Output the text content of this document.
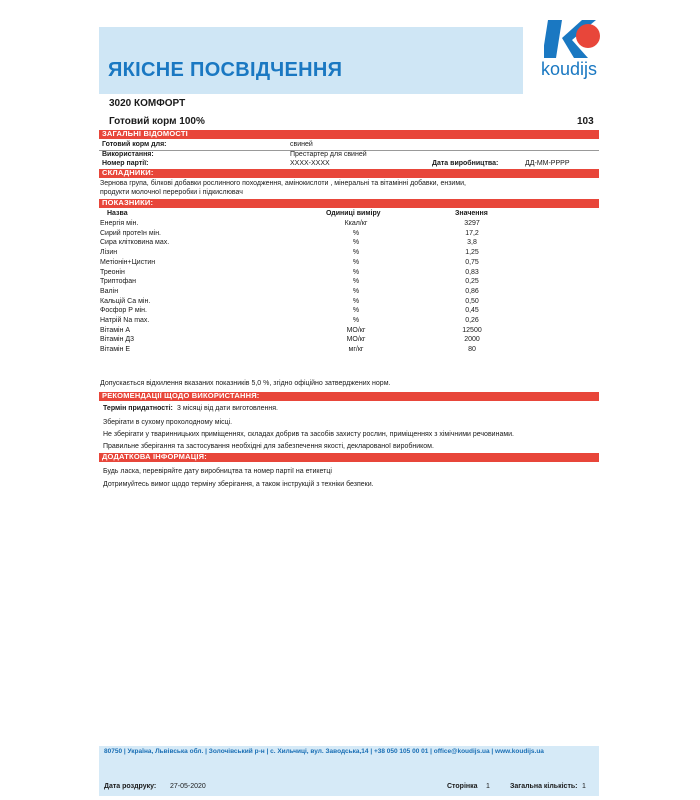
ЯКІСНЕ ПОСВІДЧЕННЯ	koudijs
3020 КОМФОРТ
Готовий корм 100%	103
ЗАГАЛЬНІ ВІДОМОСТІ
Готовий корм для:	свиней
Використання:	Престартер для свиней
Номер партії:	XXXX-XXXX	Дата виробництва:	ДД-ММ-РРРР
СКЛАДНИКИ:
Зернова група, білкові добавки рослинного походження, амінокислоти , мінеральні та вітамінні добавки, ензими,
продукти молочної переробки і підкислювач
ПОКАЗНИКИ:
Назва	Одиниці виміру	Значення
Енергія мін.	Ккал/кг	3297
Сирий протеїн мін.	%	17,2
Сира клітковина мах.	%	3,8
Лізин	%	1,25
Метіонін+Цистин	%	0,75
Треонін	%	0,83
Триптофан	%	0,25
Валін	%	0,86
Кальцій Са мін.	%	0,50
Фосфор Р мін.	%	0,45
Натрій Na max.	%	0,26
Вітамін А	МО/кг	12500
Вітамін Д3	МО/кг	2000
Вітамін Е	мг/кг	80
Допускається відхилення вказаних показників 5,0 %, згідно офіційно затверджених норм.
РЕКОМЕНДАЦІЇ ЩОДО ВИКОРИСТАННЯ:
Термін придатності: 3 місяці від дати виготовлення.
Зберігати в сухому прохолодному місці.
Не зберігати у тваринницьких приміщеннях, складах добрив та засобів захисту рослин, приміщеннях з хімічними речовинами.
Правильне зберігання та застосування необхідні для забезпечення якості, декларованої виробником.
ДОДАТКОВА ІНФОРМАЦІЯ:
Будь ласка, перевіряйте дату виробництва та номер партії на етикетці
Дотримуйтесь вимог щодо терміну зберігання, а також інструкцій з техніки безпеки.
80750 | Україна, Львівська обл. | Золочівський р-н | с. Хильчиці, вул. Заводська,14 | +38 050 105 00 01 | office@koudijs.ua | www.koudijs.ua
Дата роздруку: 27-05-2020	Сторінка 1	Загальна кількість: 1
